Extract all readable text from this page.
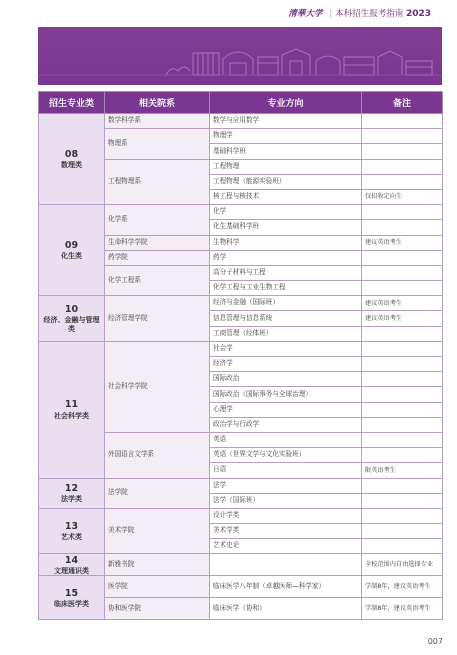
清華大学 | 本科招生报考指南 2023
招生专业类	相关院系	专业方向	备注

08
数理类	数学科学系	数学与应用数学	
	物理系	物理学	
		基础科学班	
	工程物理系	工程物理	
		工程物理（能源实验班）	
		核工程与核技术	仅招收定向生

09
化生类	化学系	化学	
		化生基础科学班	
	生命科学学院	生物科学	建议英语考生
	药学院	药学	
	化学工程系	高分子材料与工程	
		化学工程与工业生物工程	

10
经济、金融与管理类	经济管理学院	经济与金融（国际班）	建议英语考生
		信息管理与信息系统	建议英语考生
		工商管理（经体班）	

11
社会科学类	社会科学学院	社会学	
		经济学	
		国际政治	
		国际政治（国际事务与全球治理）	
		心理学	
		政治学与行政学	
	外国语言文学系	英语	
		英语（世界文学与文化实验班）	
		日语	限英语考生

12
法学类	法学院	法学	
		法学（国际班）	

13
艺术类	美术学院	设计学类	
		美术学类	
		艺术史论	

14
文理通识类	新雅书院		全校范围内自由选择专业

15
临床医学类	医学院	临床医学八年制（卓越医师—科学家）	学制8年，建议英语考生
	协和医学院	临床医学（协和）	学制8年，建议英语考生
007
